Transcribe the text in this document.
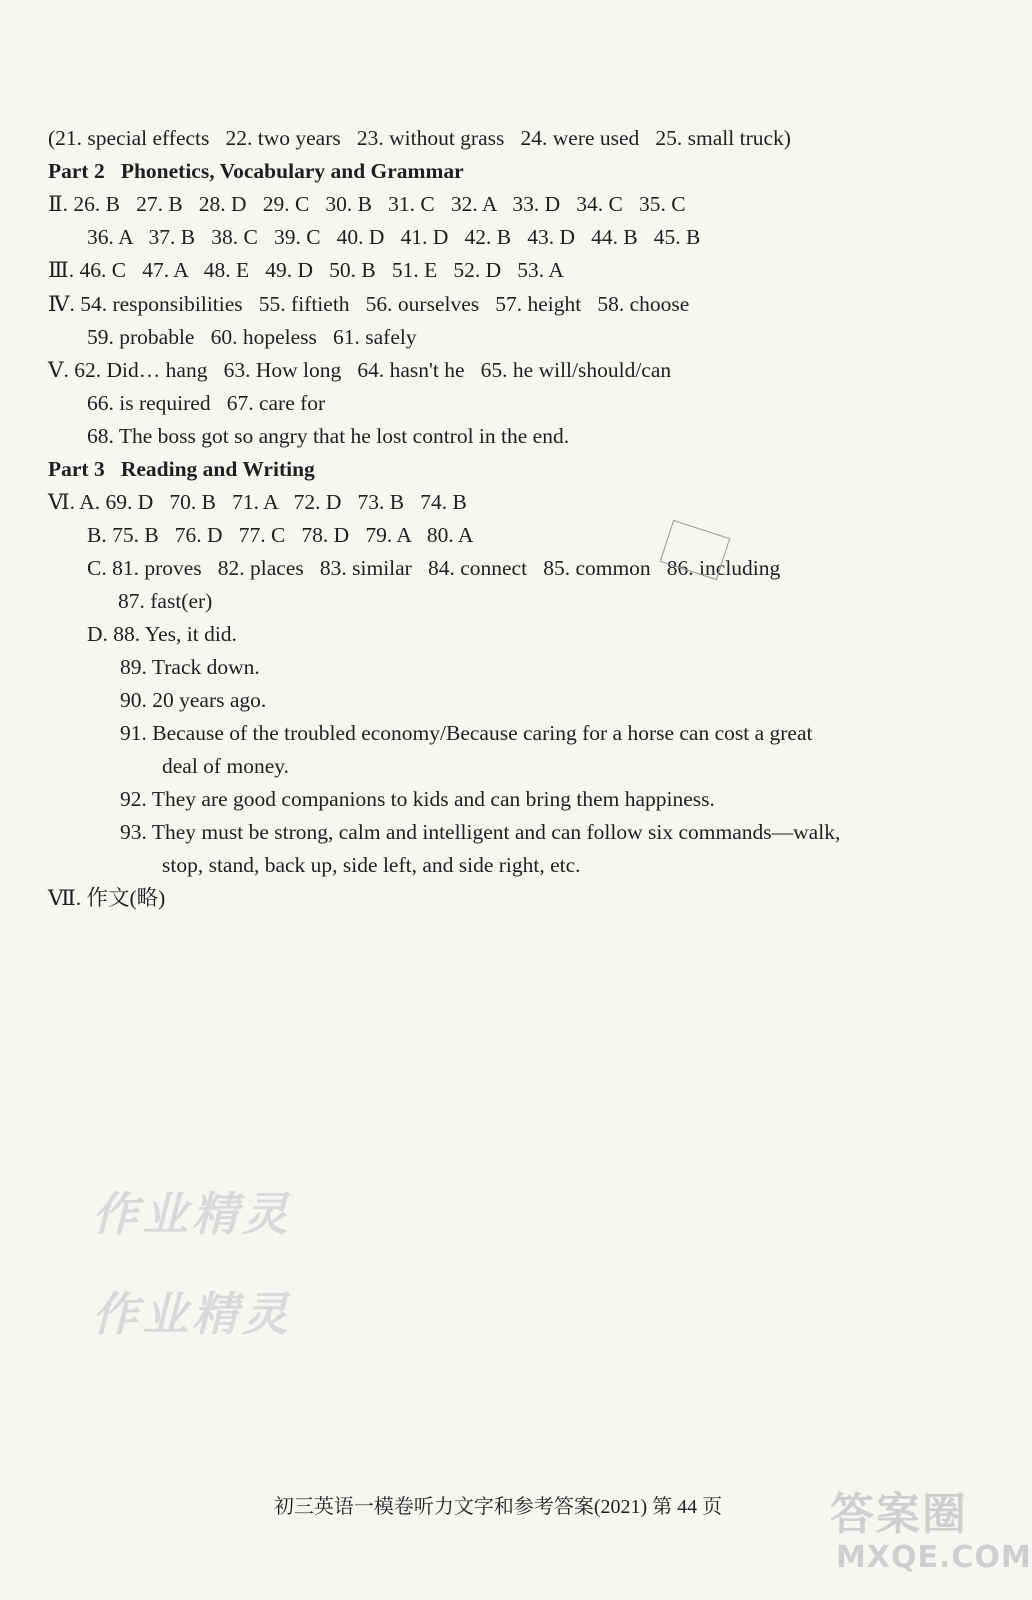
(21. special effects   22. two years   23. without grass   24. were used   25. small truck)
Part 2   Phonetics, Vocabulary and Grammar
Ⅱ. 26. B   27. B   28. D   29. C   30. B   31. C   32. A   33. D   34. C   35. C
36. A   37. B   38. C   39. C   40. D   41. D   42. B   43. D   44. B   45. B
Ⅲ. 46. C   47. A   48. E   49. D   50. B   51. E   52. D   53. A
Ⅳ. 54. responsibilities   55. fiftieth   56. ourselves   57. height   58. choose
59. probable   60. hopeless   61. safely
Ⅴ. 62. Did… hang   63. How long   64. hasn't he   65. he will/should/can
66. is required   67. care for
68. The boss got so angry that he lost control in the end.
Part 3   Reading and Writing
Ⅵ. A. 69. D   70. B   71. A   72. D   73. B   74. B
B. 75. B   76. D   77. C   78. D   79. A   80. A
C. 81. proves   82. places   83. similar   84. connect   85. common   86. including
87. fast(er)
D. 88. Yes, it did.
89. Track down.
90. 20 years ago.
91. Because of the troubled economy/Because caring for a horse can cost a great
deal of money.
92. They are good companions to kids and can bring them happiness.
93. They must be strong, calm and intelligent and can follow six commands—walk,
stop, stand, back up, side left, and side right, etc.
Ⅶ. 作文(略)
作业精灵
作业精灵
初三英语一模卷听力文字和参考答案(2021) 第 44 页	答案圈
MXQE.COM
